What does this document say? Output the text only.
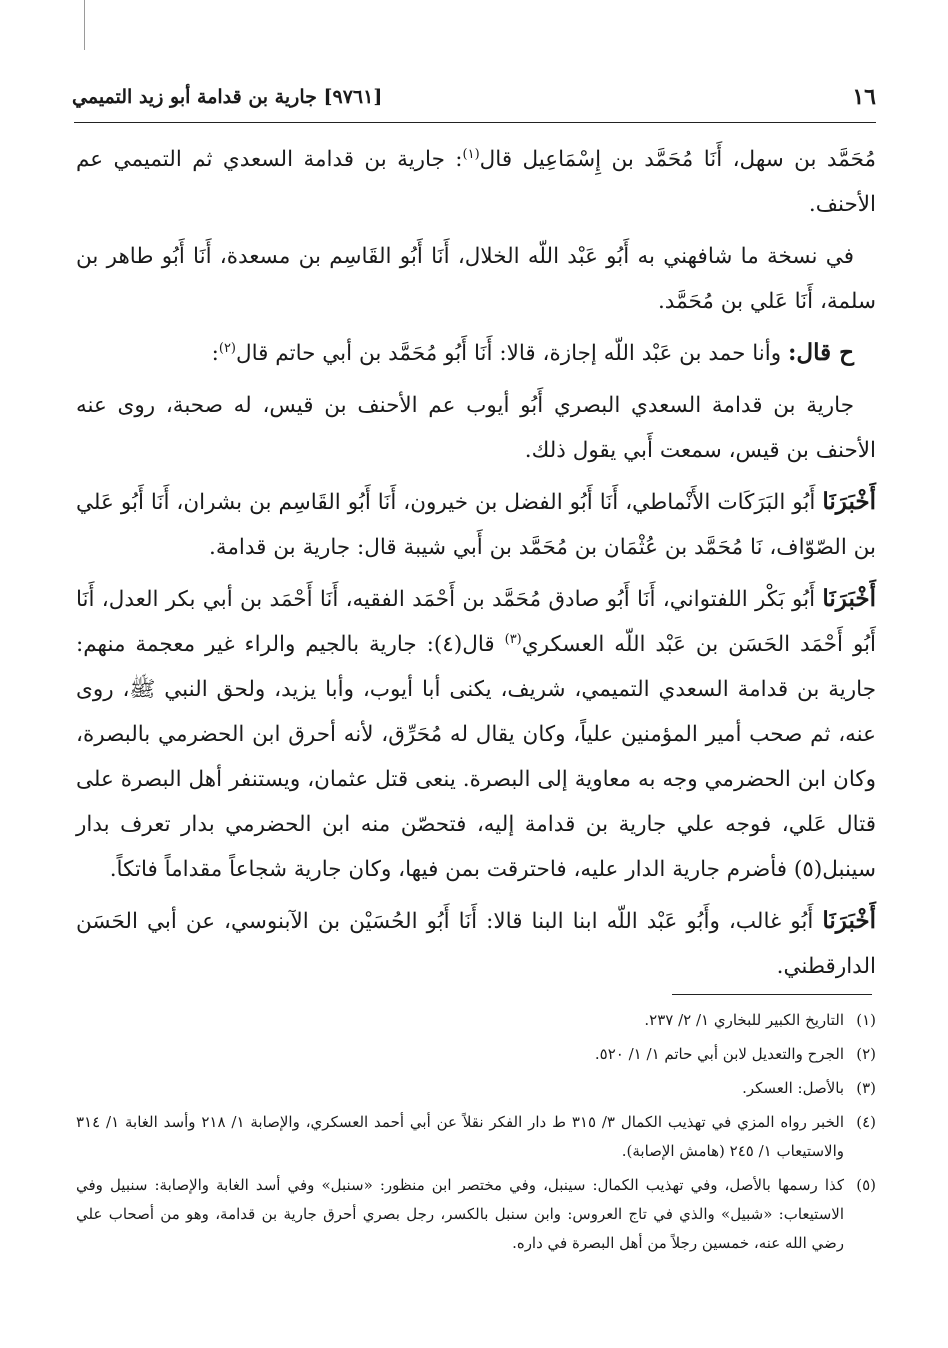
١٦
[٩٧٦١] جارية بن قدامة أبو زيد التميمي

مُحَمَّد بن سهل، أَنَا مُحَمَّد بن إِسْمَاعِيل قال$^{(١)}$: جارية بن قدامة السعدي ثم التميمي عم الأحنف.

في نسخة ما شافهني به أَبُو عَبْد اللّه الخلال، أَنَا أَبُو القَاسِم بن مسعدة، أَنَا أَبُو طاهر بن سلمة، أَنَا عَلي بن مُحَمَّد.

ح قال: وأنا حمد بن عَبْد اللّه إجازة، قالا: أَنَا أَبُو مُحَمَّد بن أبي حاتم قال$^{(٢)}$:

جارية بن قدامة السعدي البصري أَبُو أيوب عم الأحنف بن قيس، له صحبة، روى عنه الأحنف بن قيس، سمعت أَبي يقول ذلك.

أَخْبَرَنَا أَبُو البَرَكَات الأَنْماطي، أَنَا أَبُو الفضل بن خيرون، أَنَا أَبُو القَاسِم بن بشران، أَنَا أَبُو عَلي بن الصّوّاف، نَا مُحَمَّد بن عُثْمَان بن مُحَمَّد بن أَبي شيبة قال: جارية بن قدامة.

أَخْبَرَنَا أَبُو بَكْر اللفتواني، أَنَا أَبُو صادق مُحَمَّد بن أَحْمَد الفقيه، أَنَا أَحْمَد بن أبي بكر العدل، أَنَا أَبُو أَحْمَد الحَسَن بن عَبْد اللّه العسكري$^{(٣)}$ قال(٤): جارية بالجيم والراء غير معجمة منهم: جارية بن قدامة السعدي التميمي، شريف، يكنى أبا أيوب، وأبا يزيد، ولحق النبي ﷺ، روى عنه، ثم صحب أمير المؤمنين علياً، وكان يقال له مُحَرِّق، لأنه أحرق ابن الحضرمي بالبصرة، وكان ابن الحضرمي وجه به معاوية إلى البصرة. ينعى قتل عثمان، ويستنفر أهل البصرة على قتال عَلي، فوجه علي جارية بن قدامة إليه، فتحصّن منه ابن الحضرمي بدار تعرف بدار سينبل(٥) فأضرم جارية الدار عليه، فاحترقت بمن فيها، وكان جارية شجاعاً مقداماً فاتكاً.

أَخْبَرَنَا أَبُو غالب، وأَبُو عَبْد اللّه ابنا البنا قالا: أَنَا أَبُو الحُسَيْن بن الآبنوسي، عن أبي الحَسَن الدارقطني.

(١)
التاريخ الكبير للبخاري ١/ ٢/ ٢٣٧.
(٢)
الجرح والتعديل لابن أبي حاتم ١/ ١/ ٥٢٠.
(٣)
بالأصل: العسكر.
(٤)
الخبر رواه المزي في تهذيب الكمال ٣/ ٣١٥ ط دار الفكر نقلاً عن أبي أحمد العسكري، والإصابة ١/ ٢١٨ وأسد الغابة ١/ ٣١٤ والاستيعاب ١/ ٢٤٥ (هامش الإصابة).
(٥)
كذا رسمها بالأصل، وفي تهذيب الكمال: سينبل، وفي مختصر ابن منظور: «سنبل» وفي أسد الغابة والإصابة: سنبيل وفي الاستيعاب: «شبيل» والذي في تاج العروس: وابن سنبل بالكسر، رجل بصري أحرق جارية بن قدامة، وهو من أصحاب علي رضي الله عنه، خمسين رجلاً من أهل البصرة في داره.
